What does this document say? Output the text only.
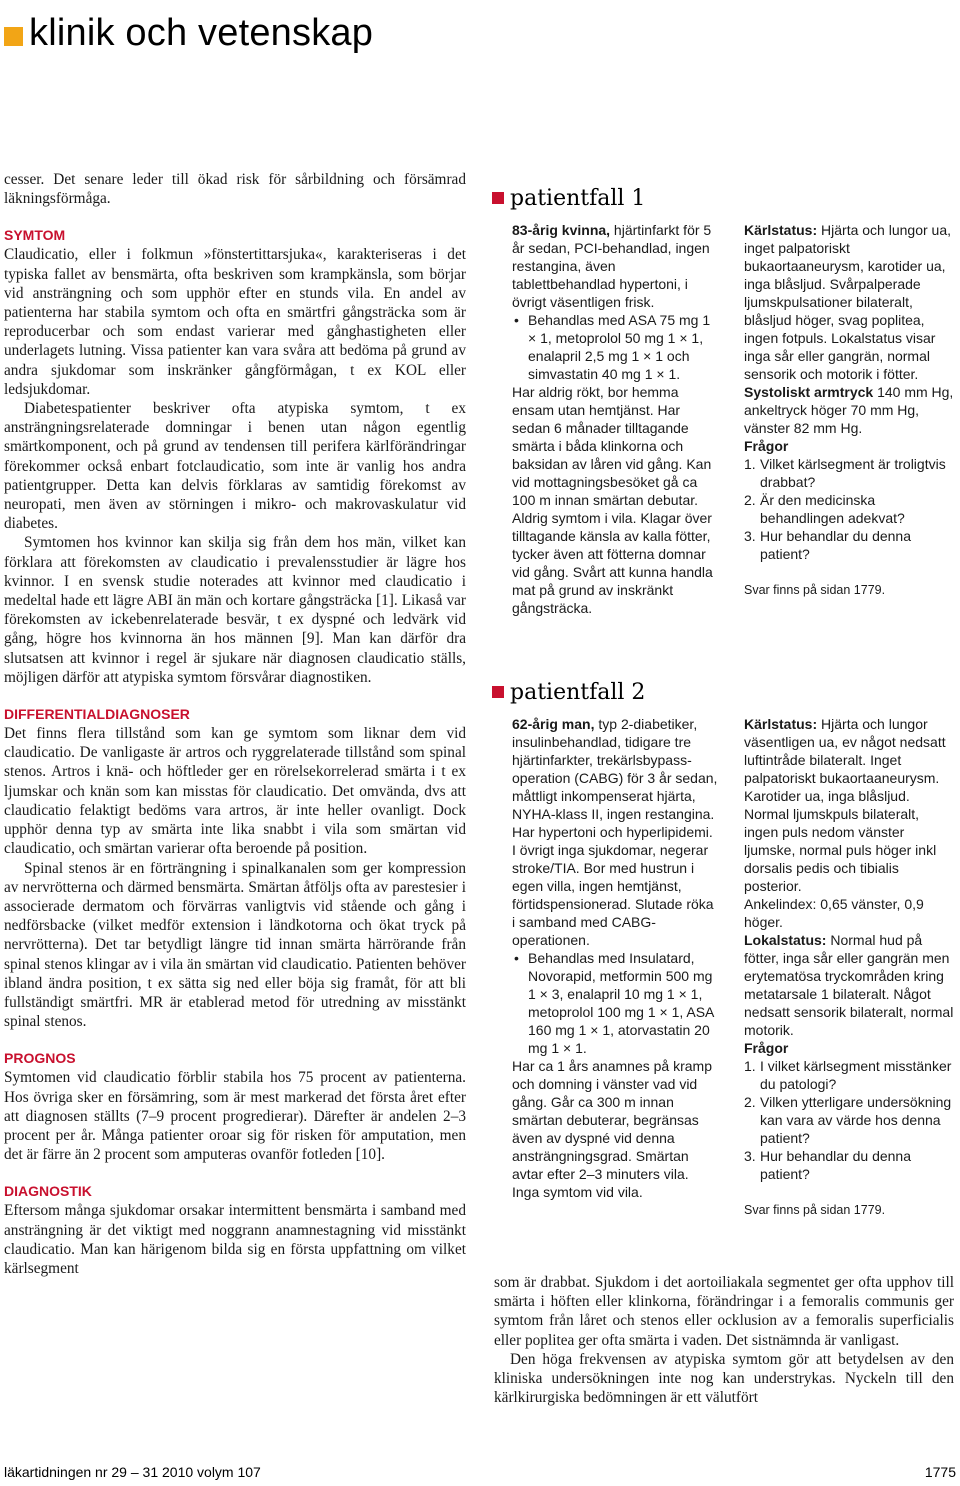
klinik och vetenskap

cesser. Det senare leder till ökad risk för sårbildning och försämrad läkningsförmåga.

SYMTOM

Claudicatio, eller i folkmun »fönstertittarsjuka«, karakteriseras i det typiska fallet av bensmärta, ofta beskriven som krampkänsla, som börjar vid ansträngning och som upphör efter en stunds vila. En andel av patienterna har stabila symtom och ofta en smärtfri gångsträcka som är reproducerbar och som endast varierar med gånghastigheten eller underlagets lutning. Vissa patienter kan vara svåra att bedöma på grund av andra sjukdomar som inskränker gångförmågan, t ex KOL eller ledsjukdomar.

Diabetespatienter beskriver ofta atypiska symtom, t ex ansträngningsrelaterade domningar i benen utan någon egentlig smärtkomponent, och på grund av tendensen till perifera kärlförändringar förekommer också enbart fotclaudicatio, som inte är vanlig hos andra patientgrupper. Detta kan delvis förklaras av samtidig förekomst av neuropati, men även av störningen i mikro- och makrovaskulatur vid diabetes.

Symtomen hos kvinnor kan skilja sig från dem hos män, vilket kan förklara att förekomsten av claudicatio i prevalensstudier är lägre hos kvinnor. I en svensk studie noterades att kvinnor med claudicatio i medeltal hade ett lägre ABI än män och kortare gångsträcka [1]. Likaså var förekomsten av ickebenrelaterade besvär, t ex dyspné och ledvärk vid gång, högre hos kvinnorna än hos männen [9]. Man kan därför dra slutsatsen att kvinnor i regel är sjukare när diagnosen claudicatio ställs, möjligen därför att atypiska symtom försvårar diagnostiken.

DIFFERENTIALDIAGNOSER

Det finns flera tillstånd som kan ge symtom som liknar dem vid claudicatio. De vanligaste är artros och ryggrelaterade tillstånd som spinal stenos. Artros i knä- och höftleder ger en rörelsekorrelerad smärta i t ex ljumskar och knän som kan misstas för claudicatio. Det omvända, dvs att claudicatio felaktigt bedöms vara artros, är inte heller ovanligt. Dock upphör denna typ av smärta inte lika snabbt i vila som smärtan vid claudicatio, och smärtan varierar ofta beroende på position.

Spinal stenos är en förträngning i spinalkanalen som ger kompression av nervrötterna och därmed bensmärta. Smärtan åtföljs ofta av parestesier i associerade dermatom och förvärras vanligtvis vid stående och gång i nedförsbacke (vilket medför extension i ländkotorna och ökat tryck på nervrötterna). Det tar betydligt längre tid innan smärta härrörande från spinal stenos klingar av i vila än smärtan vid claudicatio. Patienten behöver ibland ändra position, t ex sätta sig ned eller böja sig framåt, för att bli fullständigt smärtfri. MR är etablerad metod för utredning av misstänkt spinal stenos.

PROGNOS

Symtomen vid claudicatio förblir stabila hos 75 procent av patienterna. Hos övriga sker en försämring, som är mest markerad det första året efter att diagnosen ställts (7–9 procent progredierar). Därefter är andelen 2–3 procent per år. Många patienter oroar sig för risken för amputation, men det är färre än 2 procent som amputeras ovanför fotleden [10].

DIAGNOSTIK

Eftersom många sjukdomar orsakar intermittent bensmärta i samband med ansträngning är det viktigt med noggrann anamnestagning vid misstänkt claudicatio. Man kan härigenom bilda sig en första uppfattning om vilket kärlsegment

patientfall 1

83-årig kvinna, hjärtinfarkt för 5 år sedan, PCI-behandlad, ingen restangina, även tablettbehandlad hypertoni, i övrigt väsentligen frisk.

• Behandlas med ASA 75 mg 1 × 1, metoprolol 50 mg 1 × 1, enalapril 2,5 mg 1 × 1 och simvastatin 40 mg 1 × 1.

Har aldrig rökt, bor hemma ensam utan hemtjänst. Har sedan 6 månader tilltagande smärta i båda klinkorna och baksidan av låren vid gång. Kan vid mottagningsbesöket gå ca 100 m innan smärtan debutar. Aldrig symtom i vila. Klagar över tilltagande känsla av kalla fötter, tycker även att fötterna domnar vid gång. Svårt att kunna handla mat på grund av inskränkt gångsträcka.

Kärlstatus: Hjärta och lungor ua, inget palpatoriskt bukaortaaneurysm, karotider ua, inga blåsljud. Svårpalperade ljumskpulsationer bilateralt, blåsljud höger, svag poplitea, ingen fotpuls. Lokalstatus visar inga sår eller gangrän, normal sensorik och motorik i fötter.

Systoliskt armtryck 140 mm Hg, ankeltryck höger 70 mm Hg, vänster 82 mm Hg.

Frågor

1. Vilket kärlsegment är troligtvis drabbat?
2. Är den medicinska behandlingen adekvat?
3. Hur behandlar du denna patient?

Svar finns på sidan 1779.

patientfall 2

62-årig man, typ 2-diabetiker, insulinbehandlad, tidigare tre hjärtinfarkter, trekärlsbypass-operation (CABG) för 3 år sedan, måttligt inkompenserat hjärta, NYHA-klass II, ingen restangina. Har hypertoni och hyperlipidemi. I övrigt inga sjukdomar, negerar stroke/TIA. Bor med hustrun i egen villa, ingen hemtjänst, förtidspensionerad. Slutade röka i samband med CABG-operationen.

• Behandlas med Insulatard, Novorapid, metformin 500 mg 1 × 3, enalapril 10 mg 1 × 1, metoprolol 100 mg 1 × 1, ASA 160 mg 1 × 1, atorvastatin 20 mg 1 × 1.

Har ca 1 års anamnes på kramp och domning i vänster vad vid gång. Går ca 300 m innan smärtan debuterar, begränsas även av dyspné vid denna ansträngningsgrad. Smärtan avtar efter 2–3 minuters vila. Inga symtom vid vila.

Kärlstatus: Hjärta och lungor väsentligen ua, ev något nedsatt luftintråde bilateralt. Inget palpatoriskt bukaortaaneurysm. Karotider ua, inga blåsljud. Normal ljumskpuls bilateralt, ingen puls nedom vänster ljumske, normal puls höger inkl dorsalis pedis och tibialis posterior.

Ankelindex: 0,65 vänster, 0,9 höger.

Lokalstatus: Normal hud på fötter, inga sår eller gangrän men erytematösa tryckområden kring metatarsale 1 bilateralt. Något nedsatt sensorik bilateralt, normal motorik.

Frågor

1. I vilket kärlsegment misstänker du patologi?
2. Vilken ytterligare undersökning kan vara av värde hos denna patient?
3. Hur behandlar du denna patient?

Svar finns på sidan 1779.

som är drabbat. Sjukdom i det aortoiliakala segmentet ger ofta upphov till smärta i höften eller klinkorna, förändringar i a femoralis communis ger symtom från låret och stenos eller ocklusion av a femoralis superficialis eller poplitea ger ofta smärta i vaden. Det sistnämnda är vanligast.

Den höga frekvensen av atypiska symtom gör att betydelsen av den kliniska undersökningen inte nog kan understrykas. Nyckeln till den kärlkirurgiska bedömningen är ett välutfört

läkartidningen nr 29 – 31 2010 volym 107	1775
